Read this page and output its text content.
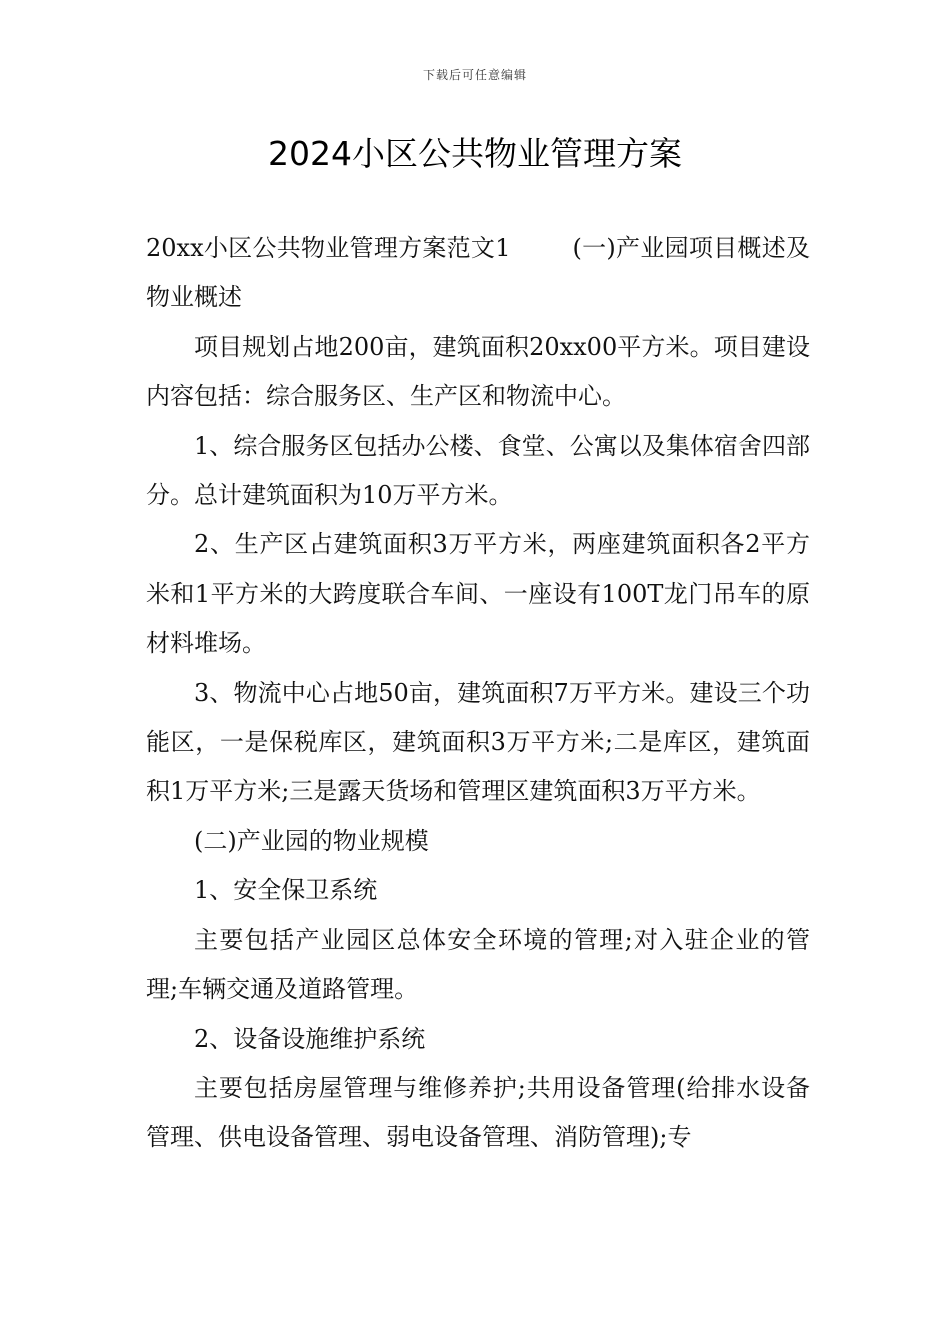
下载后可任意编辑
2024小区公共物业管理方案

20xx小区公共物业管理方案范文1	(一)产业园项目概述及物业概述

项目规划占地200亩，建筑面积20xx00平方米。项目建设内容包括：综合服务区、生产区和物流中心。

1、综合服务区包括办公楼、食堂、公寓以及集体宿舍四部分。总计建筑面积为10万平方米。

2、生产区占建筑面积3万平方米，两座建筑面积各2平方米和1平方米的大跨度联合车间、一座设有100T龙门吊车的原材料堆场。

3、物流中心占地50亩，建筑面积7万平方米。建设三个功能区，一是保税库区，建筑面积3万平方米;二是库区，建筑面积1万平方米;三是露天货场和管理区建筑面积3万平方米。

(二)产业园的物业规模

1、安全保卫系统

主要包括产业园区总体安全环境的管理;对入驻企业的管理;车辆交通及道路管理。

2、设备设施维护系统

主要包括房屋管理与维修养护;共用设备管理(给排水设备管理、供电设备管理、弱电设备管理、消防管理);专
